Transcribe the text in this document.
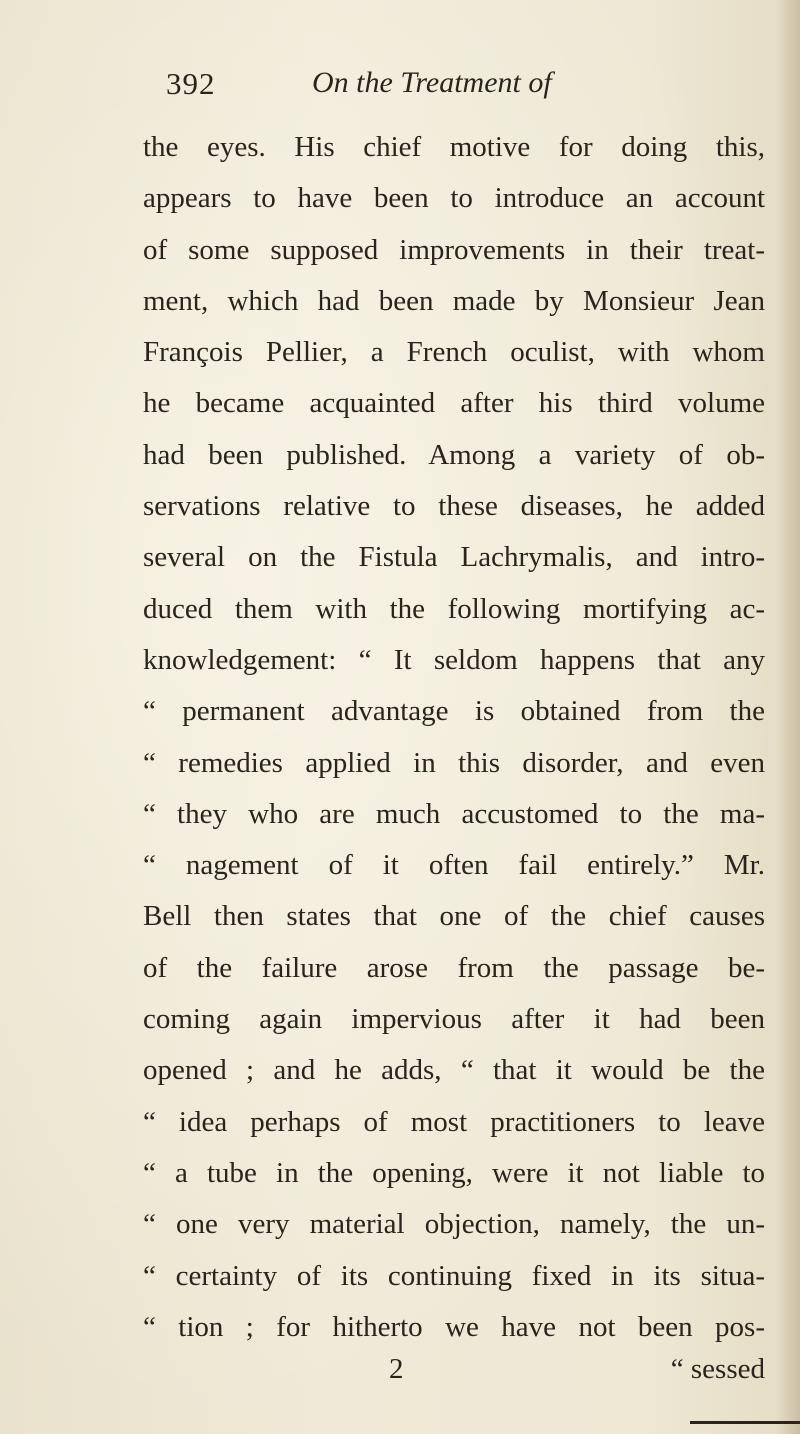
392	On the Treatment of
the eyes. His chief motive for doing this,
appears to have been to introduce an account
of some supposed improvements in their treat-
ment, which had been made by Monsieur Jean
François Pellier, a French oculist, with whom
he became acquainted after his third volume
had been published. Among a variety of ob-
servations relative to these diseases, he added
several on the Fistula Lachrymalis, and intro-
duced them with the following mortifying ac-
knowledgement: “ It seldom happens that any
“ permanent advantage is obtained from the
“ remedies applied in this disorder, and even
“ they who are much accustomed to the ma-
“ nagement of it often fail entirely.” Mr.
Bell then states that one of the chief causes
of the failure arose from the passage be-
coming again impervious after it had been
opened ; and he adds, “ that it would be the
“ idea perhaps of most practitioners to leave
“ a tube in the opening, were it not liable to
“ one very material objection, namely, the un-
“ certainty of its continuing fixed in its situa-
“ tion ; for hitherto we have not been pos-
2	“ sessed
